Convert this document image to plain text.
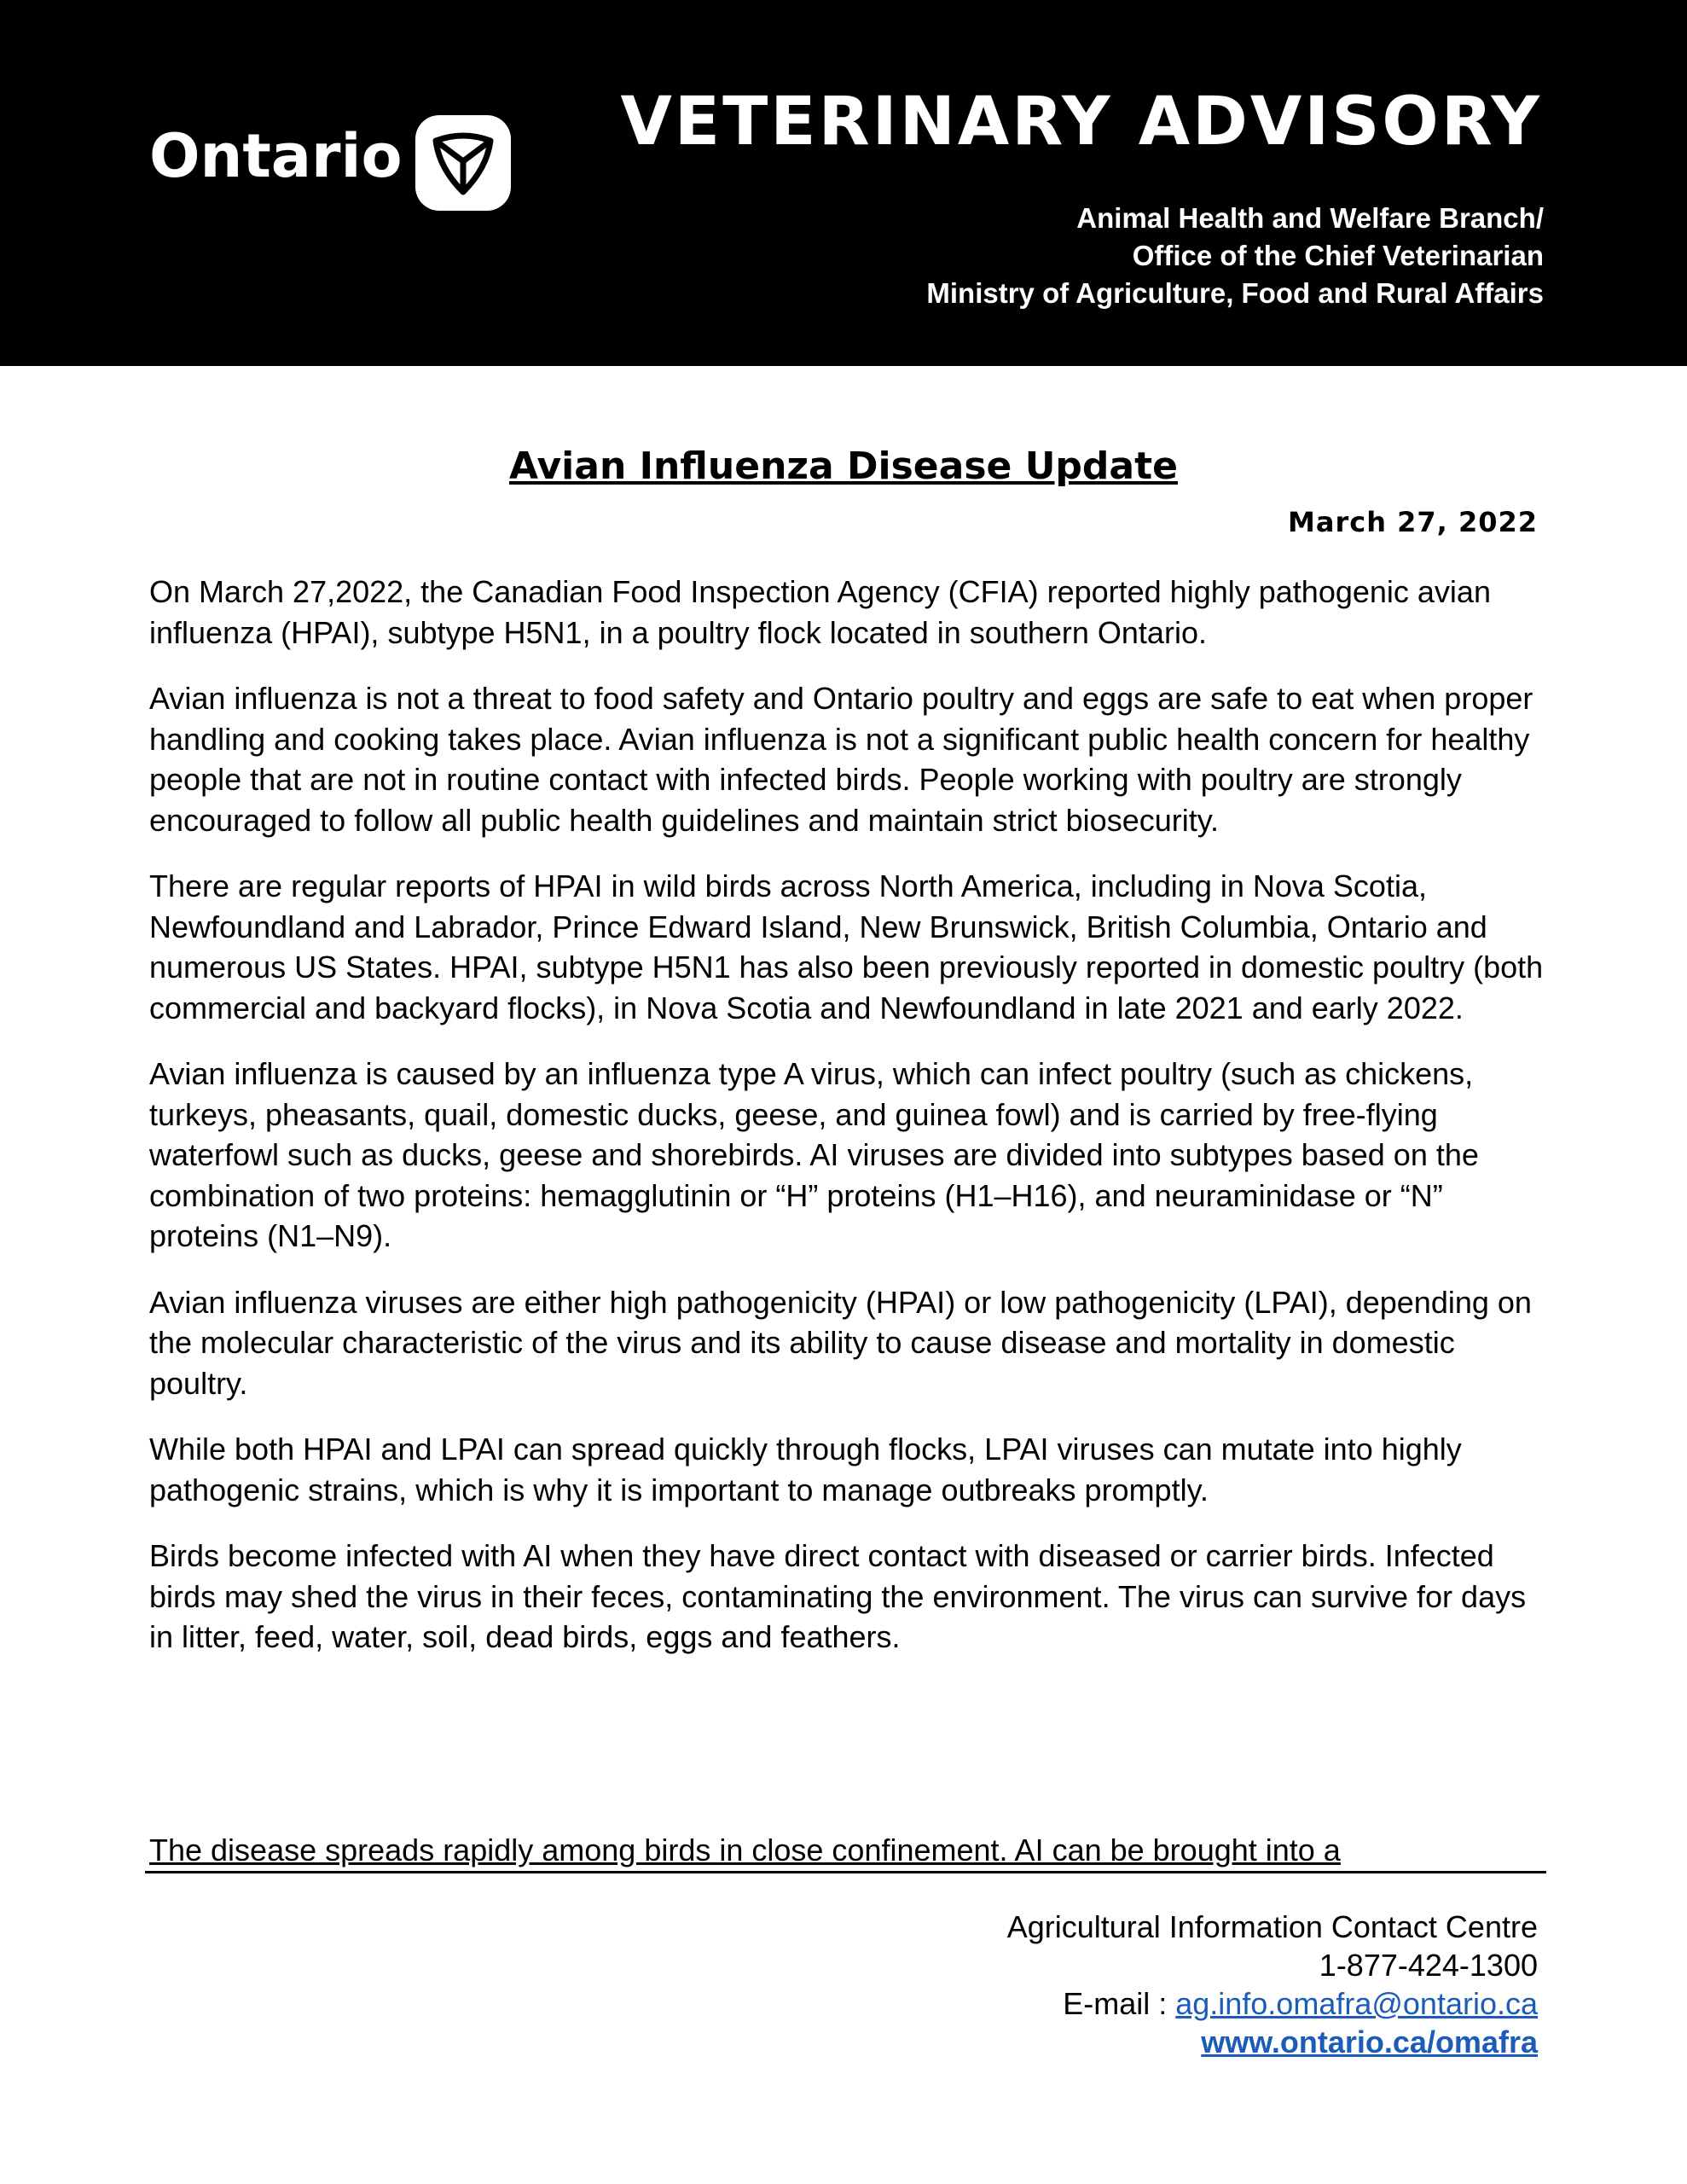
Ontario	VETERINARY ADVISORY
Animal Health and Welfare Branch/
Office of the Chief Veterinarian
Ministry of Agriculture, Food and Rural Affairs
Avian Influenza Disease Update
March 27, 2022

On March 27,2022, the Canadian Food Inspection Agency (CFIA) reported highly pathogenic avian influenza (HPAI), subtype H5N1, in a poultry flock located in southern Ontario.

Avian influenza is not a threat to food safety and Ontario poultry and eggs are safe to eat when proper handling and cooking takes place. Avian influenza is not a significant public health concern for healthy people that are not in routine contact with infected birds. People working with poultry are strongly encouraged to follow all public health guidelines and maintain strict biosecurity.

There are regular reports of HPAI in wild birds across North America, including in Nova Scotia, Newfoundland and Labrador, Prince Edward Island, New Brunswick, British Columbia, Ontario and numerous US States. HPAI, subtype H5N1 has also been previously reported in domestic poultry (both commercial and backyard flocks), in Nova Scotia and Newfoundland in late 2021 and early 2022.

Avian influenza is caused by an influenza type A virus, which can infect poultry (such as chickens, turkeys, pheasants, quail, domestic ducks, geese, and guinea fowl) and is carried by free-flying waterfowl such as ducks, geese and shorebirds. AI viruses are divided into subtypes based on the combination of two proteins: hemagglutinin or “H” proteins (H1–H16), and neuraminidase or “N” proteins (N1–N9).

Avian influenza viruses are either high pathogenicity (HPAI) or low pathogenicity (LPAI), depending on the molecular characteristic of the virus and its ability to cause disease and mortality in domestic poultry.

While both HPAI and LPAI can spread quickly through flocks, LPAI viruses can mutate into highly pathogenic strains, which is why it is important to manage outbreaks promptly.

Birds become infected with AI when they have direct contact with diseased or carrier birds. Infected birds may shed the virus in their feces, contaminating the environment. The virus can survive for days in litter, feed, water, soil, dead birds, eggs and feathers.

The disease spreads rapidly among birds in close confinement. AI can be brought into a
Agricultural Information Contact Centre
1-877-424-1300
E-mail : ag.info.omafra@ontario.ca
www.ontario.ca/omafra
